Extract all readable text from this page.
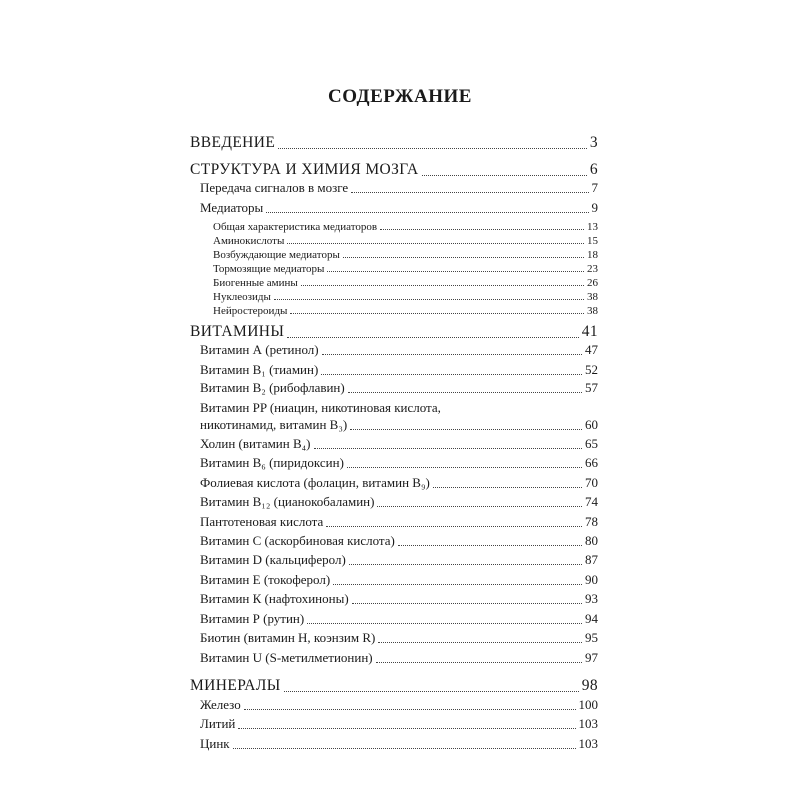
СОДЕРЖАНИЕ
ВВЕДЕНИЕ	3
СТРУКТУРА И ХИМИЯ МОЗГА	6
Передача сигналов в мозге	7
Медиаторы	9
Общая характеристика медиаторов	13
Аминокислоты	15
Возбуждающие медиаторы	18
Тормозящие медиаторы	23
Биогенные амины	26
Нуклеозиды	38
Нейростероиды	38
ВИТАМИНЫ	41
Витамин А (ретинол)	47
Витамин B₁ (тиамин)	52
Витамин B₂ (рибофлавин)	57
Витамин PP (ниацин, никотиновая кислота,
никотинамид, витамин B₃)	60
Холин (витамин B₄)	65
Витамин B₆ (пиридоксин)	66
Фолиевая кислота (фолацин, витамин B₉)	70
Витамин B₁₂ (цианокобаламин)	74
Пантотеновая кислота	78
Витамин С (аскорбиновая кислота)	80
Витамин D (кальциферол)	87
Витамин Е (токоферол)	90
Витамин К (нафтохиноны)	93
Витамин Р (рутин)	94
Биотин (витамин Н, коэнзим R)	95
Витамин U (S-метилметионин)	97
МИНЕРАЛЫ	98
Железо	100
Литий	103
Цинк	103
